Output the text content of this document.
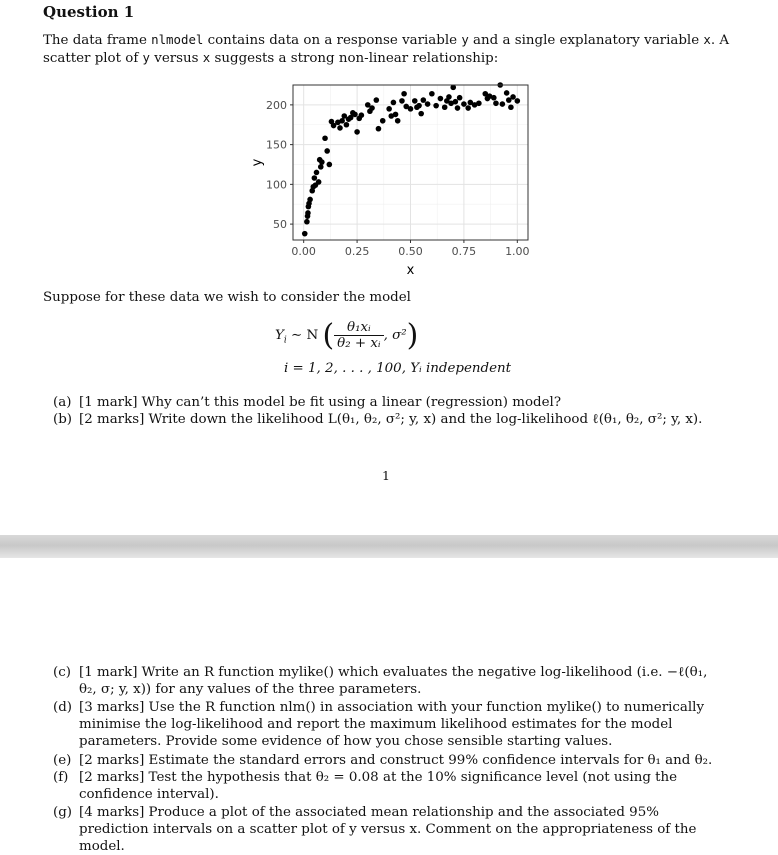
Question 1
The data frame nlmodel contains data on a response variable y and a single explanatory variable x. A scatter plot of y versus x suggests a strong non-linear relationship:
0.00	0.25	0.50	0.75	1.00
50
100
150
200
x
y
Suppose for these data we wish to consider the model
$Y_i$ ∼ N ( $\frac{\text{θ₁xᵢ}}{\text{θ₂ + xᵢ}}$ , σ²)
i = 1, 2, . . . , 100, Yᵢ independent
(a) [1 mark] Why can’t this model be fit using a linear (regression) model?
(b) [2 marks] Write down the likelihood L(θ₁, θ₂, σ²; y, x) and the log-likelihood ℓ(θ₁, θ₂, σ²; y, x).
1
(c) [1 mark] Write an R function mylike() which evaluates the negative log-likelihood (i.e. −ℓ(θ₁, θ₂, σ; y, x)) for any values of the three parameters.
(d) [3 marks] Use the R function nlm() in association with your function mylike() to numerically minimise the log-likelihood and report the maximum likelihood estimates for the model parameters. Provide some evidence of how you chose sensible starting values.
(e) [2 marks] Estimate the standard errors and construct 99% confidence intervals for θ₁ and θ₂.
(f) [2 marks] Test the hypothesis that θ₂ = 0.08 at the 10% significance level (not using the confidence interval).
(g) [4 marks] Produce a plot of the associated mean relationship and the associated 95% prediction intervals on a scatter plot of y versus x. Comment on the appropriateness of the model.
